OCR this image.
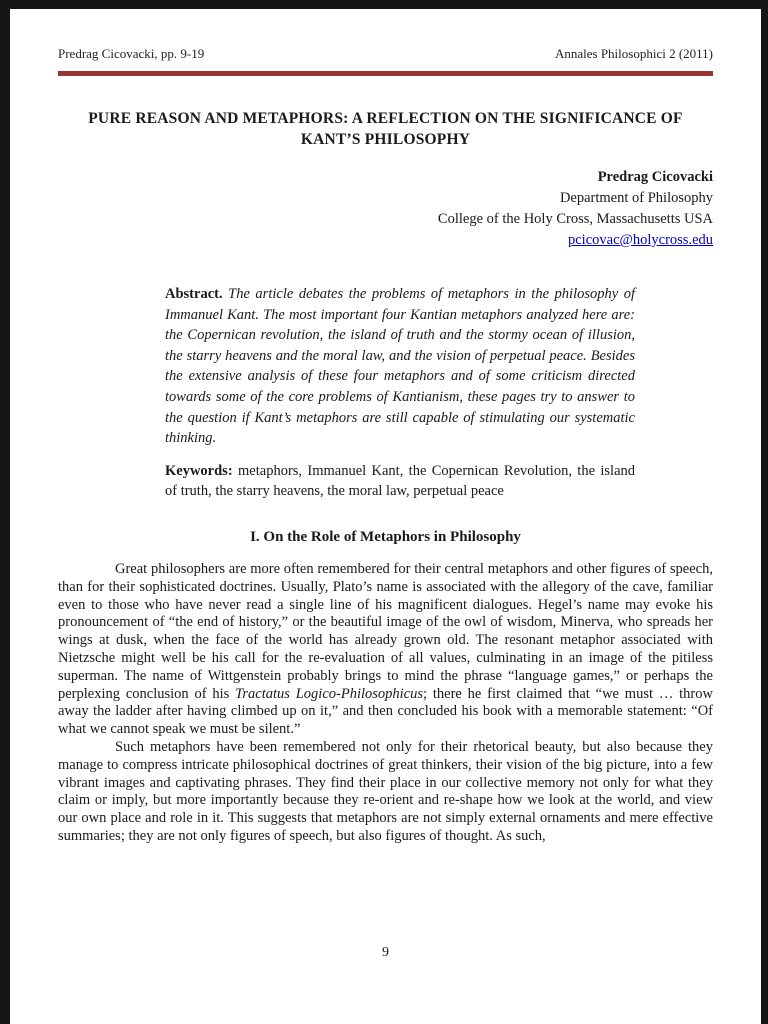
Predrag Cicovacki, pp. 9-19	Annales Philosophici 2 (2011)
PURE REASON AND METAPHORS: A REFLECTION ON THE SIGNIFICANCE OF KANT’S PHILOSOPHY
Predrag Cicovacki
Department of Philosophy
College of the Holy Cross, Massachusetts USA
pcicovac@holycross.edu

Abstract. The article debates the problems of metaphors in the philosophy of Immanuel Kant. The most important four Kantian metaphors analyzed here are: the Copernican revolution, the island of truth and the stormy ocean of illusion, the starry heavens and the moral law, and the vision of perpetual peace. Besides the extensive analysis of these four metaphors and of some criticism directed towards some of the core problems of Kantianism, these pages try to answer to the question if Kant’s metaphors are still capable of stimulating our systematic thinking.

Keywords: metaphors, Immanuel Kant, the Copernican Revolution, the island of truth, the starry heavens, the moral law, perpetual peace

I. On the Role of Metaphors in Philosophy

Great philosophers are more often remembered for their central metaphors and other figures of speech, than for their sophisticated doctrines. Usually, Plato’s name is associated with the allegory of the cave, familiar even to those who have never read a single line of his magnificent dialogues. Hegel’s name may evoke his pronouncement of “the end of history,” or the beautiful image of the owl of wisdom, Minerva, who spreads her wings at dusk, when the face of the world has already grown old. The resonant metaphor associated with Nietzsche might well be his call for the re-evaluation of all values, culminating in an image of the pitiless superman. The name of Wittgenstein probably brings to mind the phrase “language games,” or perhaps the perplexing conclusion of his Tractatus Logico-Philosophicus; there he first claimed that “we must … throw away the ladder after having climbed up on it,” and then concluded his book with a memorable statement: “Of what we cannot speak we must be silent.”

Such metaphors have been remembered not only for their rhetorical beauty, but also because they manage to compress intricate philosophical doctrines of great thinkers, their vision of the big picture, into a few vibrant images and captivating phrases. They find their place in our collective memory not only for what they claim or imply, but more importantly because they re-orient and re-shape how we look at the world, and view our own place and role in it. This suggests that metaphors are not simply external ornaments and mere effective summaries; they are not only figures of speech, but also figures of thought. As such,

9
